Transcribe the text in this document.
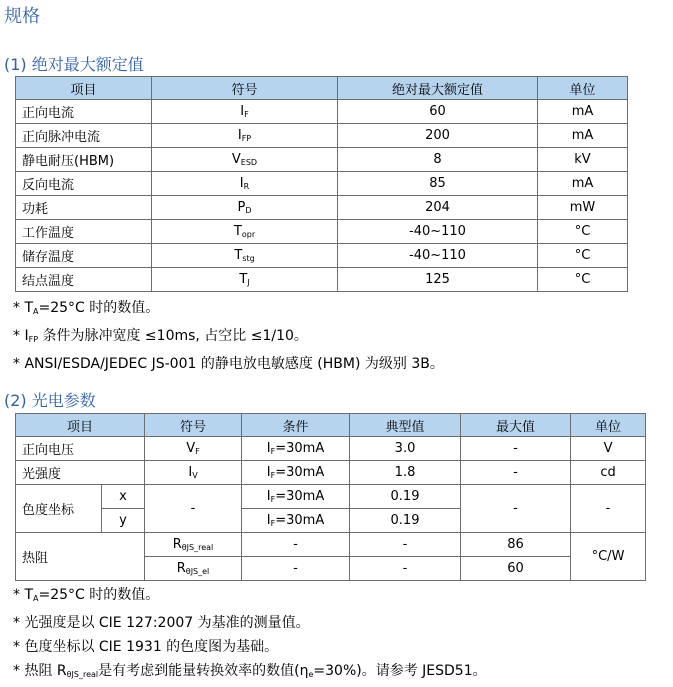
规格
(1) 绝对最大额定值
项目	符号	绝对最大额定值	单位
正向电流	$I_F$	60	mA
正向脉冲电流	$I_{FP}$	200	mA
静电耐压(HBM)	$V_{ESD}$	8	kV
反向电流	$I_R$	85	mA
功耗	$P_D$	204	mW
工作温度	$T_{opr}$	-40~110	°C
储存温度	$T_{stg}$	-40~110	°C
结点温度	$T_J$	125	°C
* $T_A=25^\circ C$ 时的数值。
* $I_{FP}$ 条件为脉冲宽度 ≤10ms, 占空比 ≤1/10。
* ANSI/ESDA/JEDEC JS-001 的静电放电敏感度 (HBM) 为级别 3B。
(2) 光电参数
项目		符号	条件	典型值	最大值	单位
正向电压		$V_F$	$I_F=30mA$	3.0	-	V
光强度		$I_V$	$I_F=30mA$	1.8	-	cd
色度坐标	x	-	$I_F=30mA$	0.19	-	-
	y		$I_F=30mA$	0.19		
热阻		$R_{\theta JS\_real}$	-	-	86	°C/W
		$R_{\theta JS\_el}$	-	-	60	
* $T_A=25^\circ C$ 时的数值。
* 光强度是以 CIE 127:2007 为基准的测量值。
* 色度坐标以 CIE 1931 的色度图为基础。
* 热阻 $R_{\theta JS\_real}$是有考虑到能量转换效率的数值$(\eta_e=30\%)$。请参考 JESD51。
